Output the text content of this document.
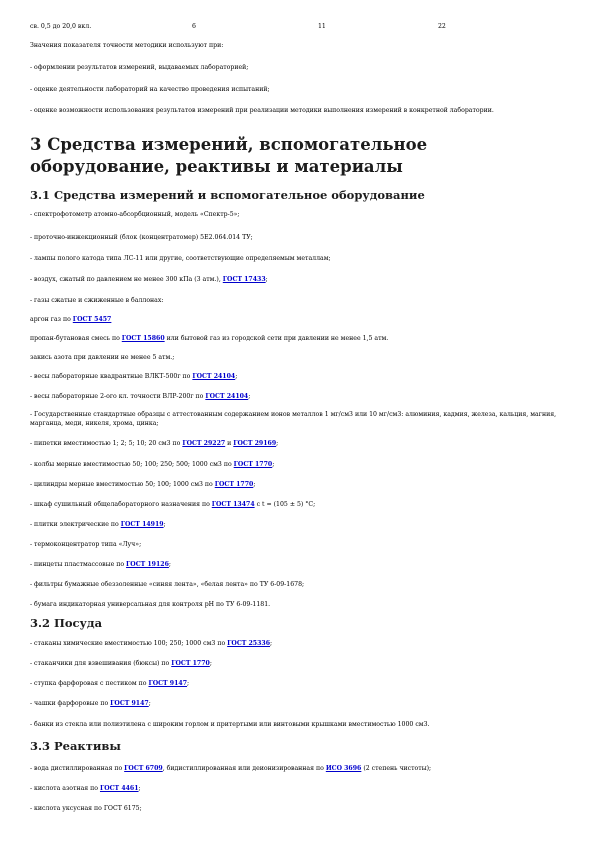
св. 0,5 до 20,0 вкл.	6	11	22
Значения показателя точности методики используют при:
- оформлении результатов измерений, выдаваемых лабораторией;
- оценке деятельности лабораторий на качество проведения испытаний;
- оценке возможности использования результатов измерений при реализации методики выполнения измерений в конкретной лаборатории.
3 Средства измерений, вспомогательное оборудование, реактивы и материалы
3.1 Средства измерений и вспомогательное оборудование
- спектрофотометр атомно-абсорбционный, модель «Спектр-5»;
- проточно-инжекционный (блок (концентратомер) 5Е2.064.014 ТУ;
- лампы полого катода типа ЛС-11 или другие, соответствующие определяемым металлам;
- воздух, сжатый по давлением не менее 300 кПа (3 атм.), ГОСТ 17433;
- газы сжатые и сжиженные в баллонах:
аргон газ по ГОСТ 5457
пропан-бутановая смесь по ГОСТ 15860 или бытовой газ из городской сети при давлении не менее 1,5 атм.
закись азота при давлении не менее 5 атм.;
- весы лабораторные квадрантные ВЛКТ-500г по ГОСТ 24104;
- весы лабораторные 2-ого кл. точности ВЛР-200г по ГОСТ 24104;
- Государственные стандартные образцы с аттестованным содержанием ионов металлов 1 мг/см3 или 10 мг/см3: алюминия, кадмия, железа, кальция, магния, марганца, меди, никеля, хрома, цинка;
- пипетки вместимостью 1; 2; 5; 10; 20 см3 по ГОСТ 29227 и ГОСТ 29169;
- колбы мерные вместимостью 50; 100; 250; 500; 1000 см3 по ГОСТ 1770;
- цилиндры мерные вместимостью 50; 100; 1000 см3 по ГОСТ 1770;
- шкаф сушильный общелабораторного назначения по ГОСТ 13474 с t = (105 ± 5) °С;
- плитки электрические по ГОСТ 14919;
- термоконцентратор типа «Луч»;
- пинцеты пластмассовые по ГОСТ 19126;
- фильтры бумажные обеззоленные «синяя лента», «белая лента» по ТУ 6-09-1678;
- бумага индикаторная универсальная для контроля pH по ТУ 6-09-1181.
3.2 Посуда
- стаканы химические вместимостью 100; 250; 1000 см3 по ГОСТ 25336;
- стаканчики для взвешивания (бюксы) по ГОСТ 1770;
- ступка фарфоровая с пестиком по ГОСТ 9147;
- чашки фарфоровые по ГОСТ 9147;
- банки из стекла или полиэтилена с широким горлом и притертыми или винтовыми крышками вместимостью 1000 см3.
3.3 Реактивы
- вода дистиллированная по ГОСТ 6709, бидистиллированная или деионизированная по ИСО 3696 (2 степень чистоты);
- кислота азотная по ГОСТ 4461;
- кислота уксусная по ГОСТ 6175;
